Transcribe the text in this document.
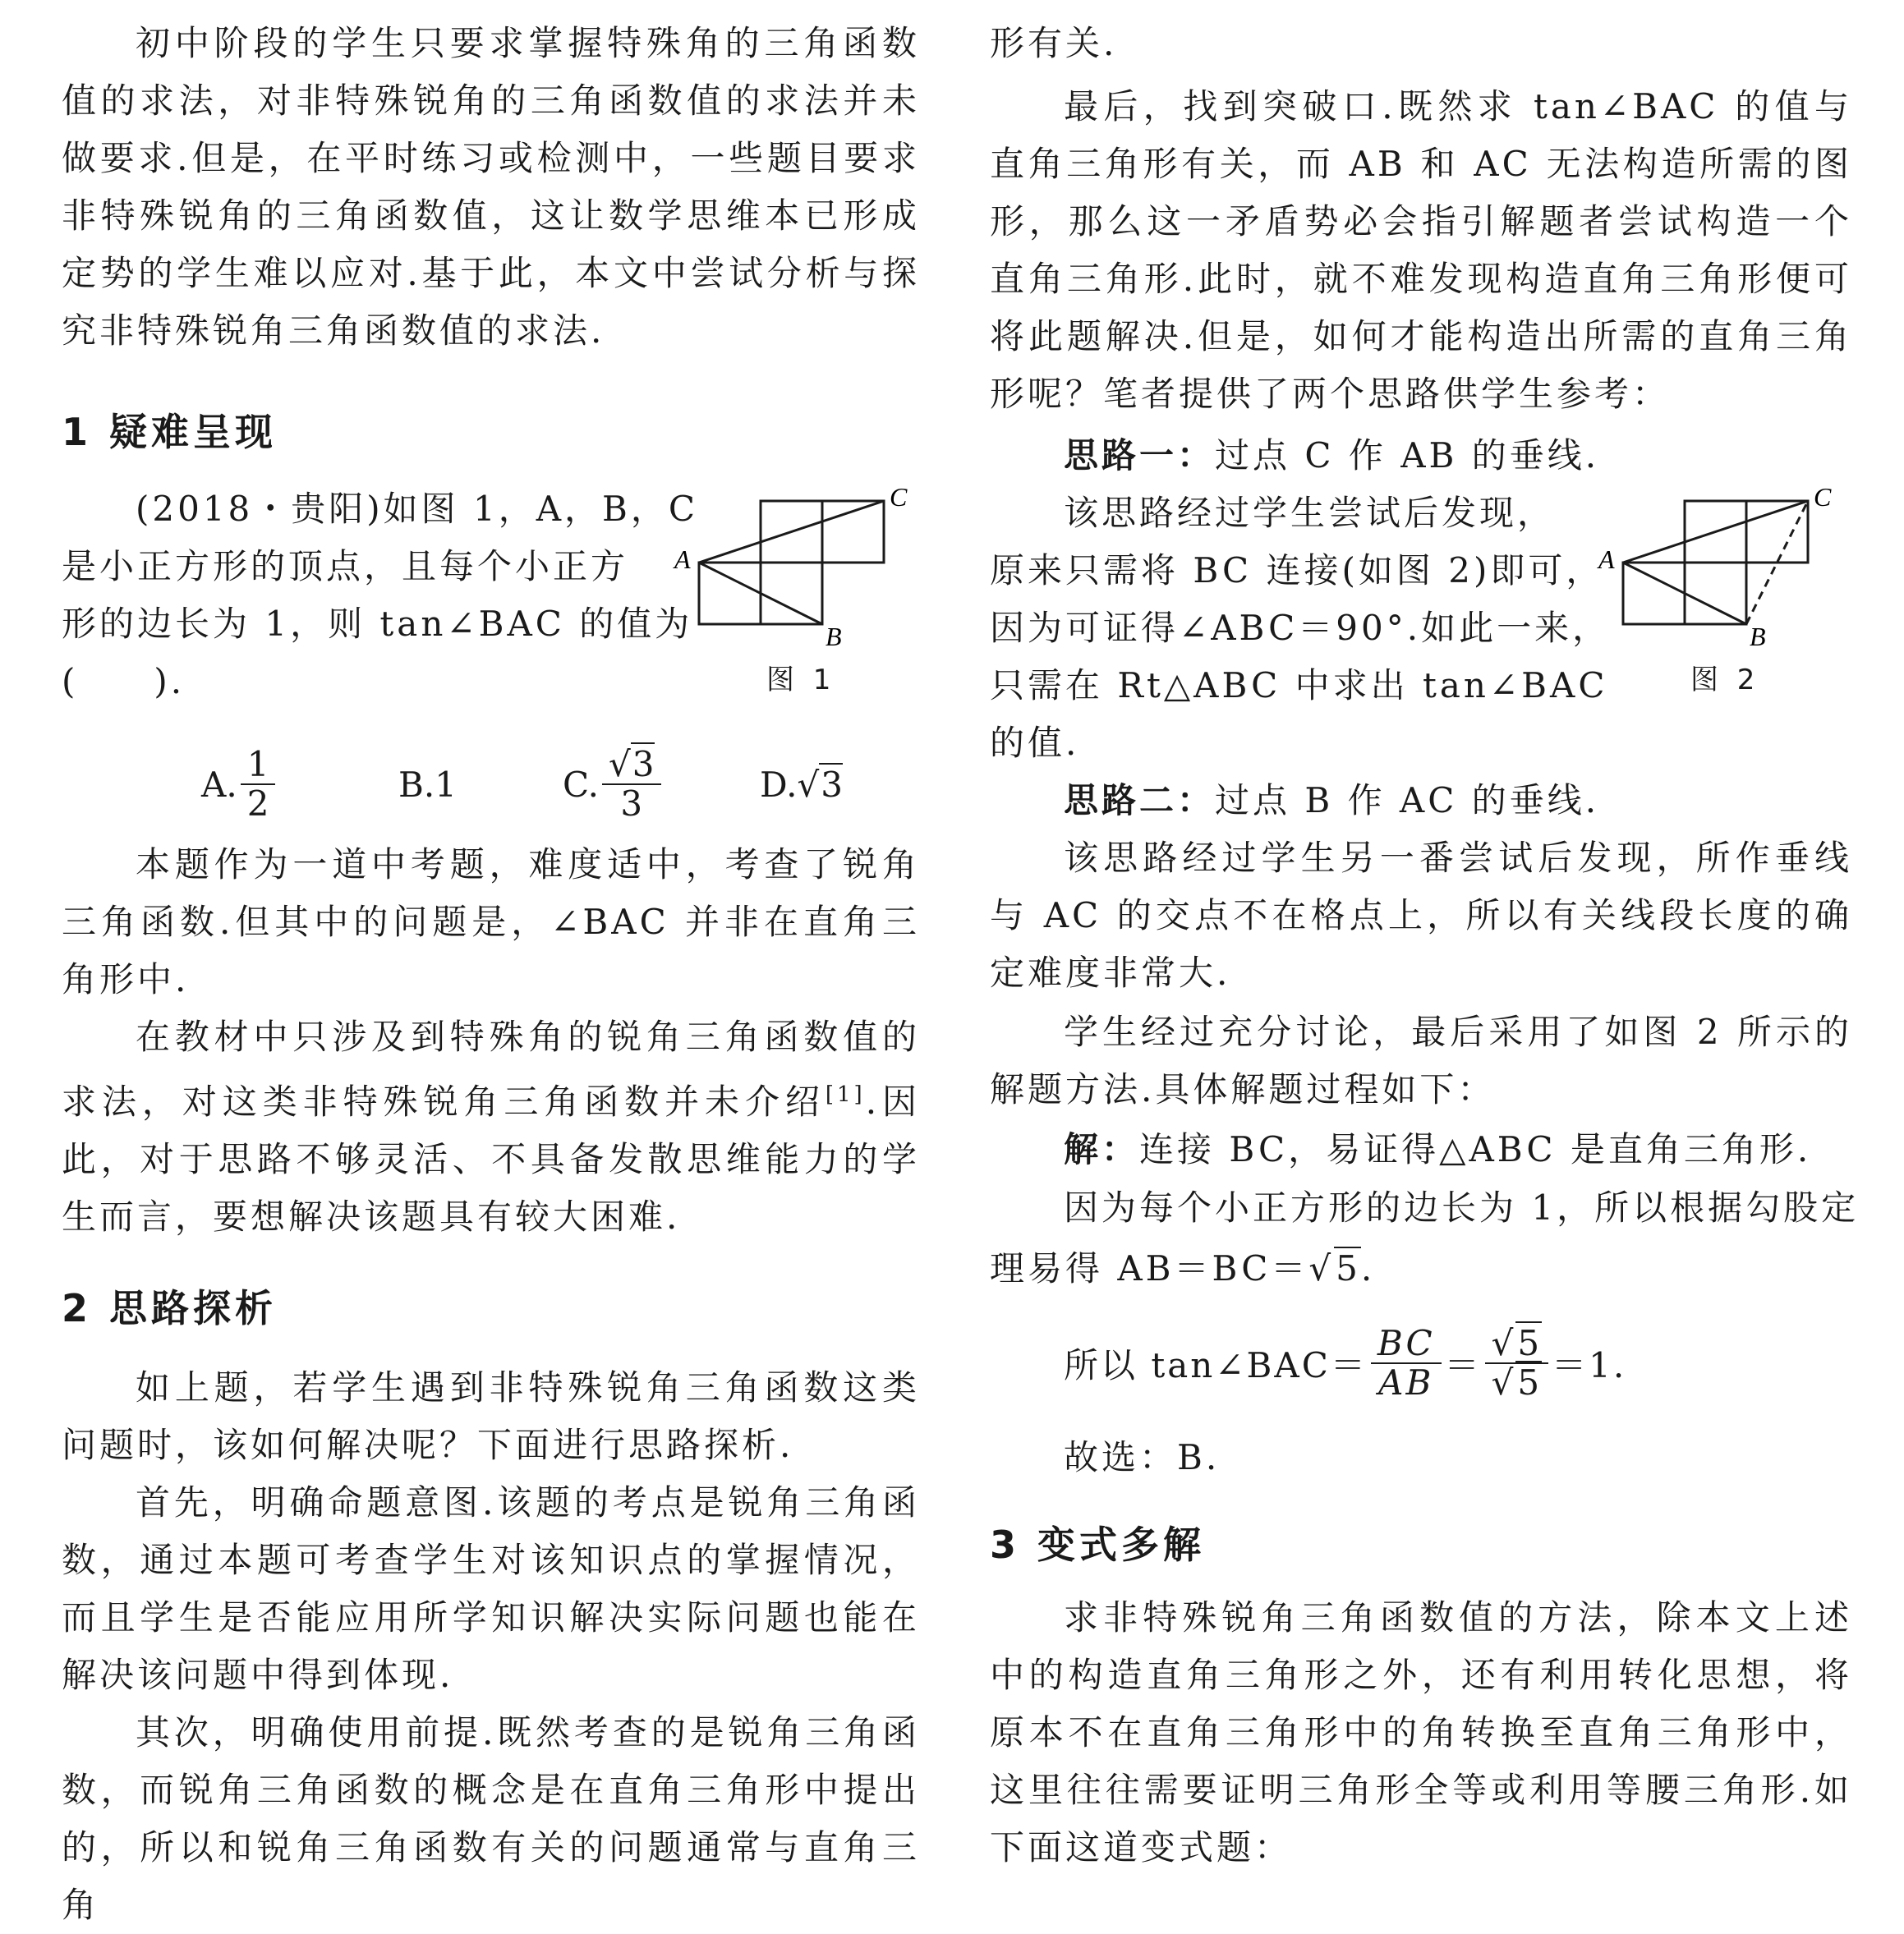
初中阶段的学生只要求掌握特殊角的三角函数值的求法，对非特殊锐角的三角函数值的求法并未做要求.但是，在平时练习或检测中，一些题目要求非特殊锐角的三角函数值，这让数学思维本已形成定势的学生难以应对.基于此，本文中尝试分析与探究非特殊锐角三角函数值的求法.

1 疑难呈现

(2018・贵阳)如图 1，A，B，C

是小正方形的顶点，且每个小正方

形的边长为 1，则 tan∠BAC 的值为

(　　).

A. $\frac{1}{2}$	B.1	C. $\frac{√3}{3}$	D. √3

本题作为一道中考题，难度适中，考查了锐角三角函数.但其中的问题是，∠BAC 并非在直角三角形中.

在教材中只涉及到特殊角的锐角三角函数值的求法，对这类非特殊锐角三角函数并未介绍[1].因此，对于思路不够灵活、不具备发散思维能力的学生而言，要想解决该题具有较大困难.

2 思路探析

如上题，若学生遇到非特殊锐角三角函数这类问题时，该如何解决呢？下面进行思路探析.

首先，明确命题意图.该题的考点是锐角三角函数，通过本题可考查学生对该知识点的掌握情况，而且学生是否能应用所学知识解决实际问题也能在解决该问题中得到体现.

其次，明确使用前提.既然考查的是锐角三角函数，而锐角三角函数的概念是在直角三角形中提出的，所以和锐角三角函数有关的问题通常与直角三角

A
B
C
图 1

形有关.

最后，找到突破口.既然求 tan∠BAC 的值与直角三角形有关，而 AB 和 AC 无法构造所需的图形，那么这一矛盾势必会指引解题者尝试构造一个直角三角形.此时，就不难发现构造直角三角形便可将此题解决.但是，如何才能构造出所需的直角三角形呢？笔者提供了两个思路供学生参考：

思路一：过点 C 作 AB 的垂线.

该思路经过学生尝试后发现，

原来只需将 BC 连接(如图 2)即可，

因为可证得∠ABC＝90°.如此一来，

只需在 Rt△ABC 中求出 tan∠BAC

的值.

思路二：过点 B 作 AC 的垂线.

该思路经过学生另一番尝试后发现，所作垂线与 AC 的交点不在格点上，所以有关线段长度的确定难度非常大.

学生经过充分讨论，最后采用了如图 2 所示的解题方法.具体解题过程如下：

解：连接 BC，易证得△ABC 是直角三角形.

因为每个小正方形的边长为 1，所以根据勾股定

理易得 AB＝BC＝√5.

所以 tan∠BAC＝ $\frac{BC}{AB} = \frac{√5}{√5} =1$.

故选：B.

3 变式多解

求非特殊锐角三角函数值的方法，除本文上述中的构造直角三角形之外，还有利用转化思想，将原本不在直角三角形中的角转换至直角三角形中，这里往往需要证明三角形全等或利用等腰三角形.如下面这道变式题：

A
B
C
图 2
